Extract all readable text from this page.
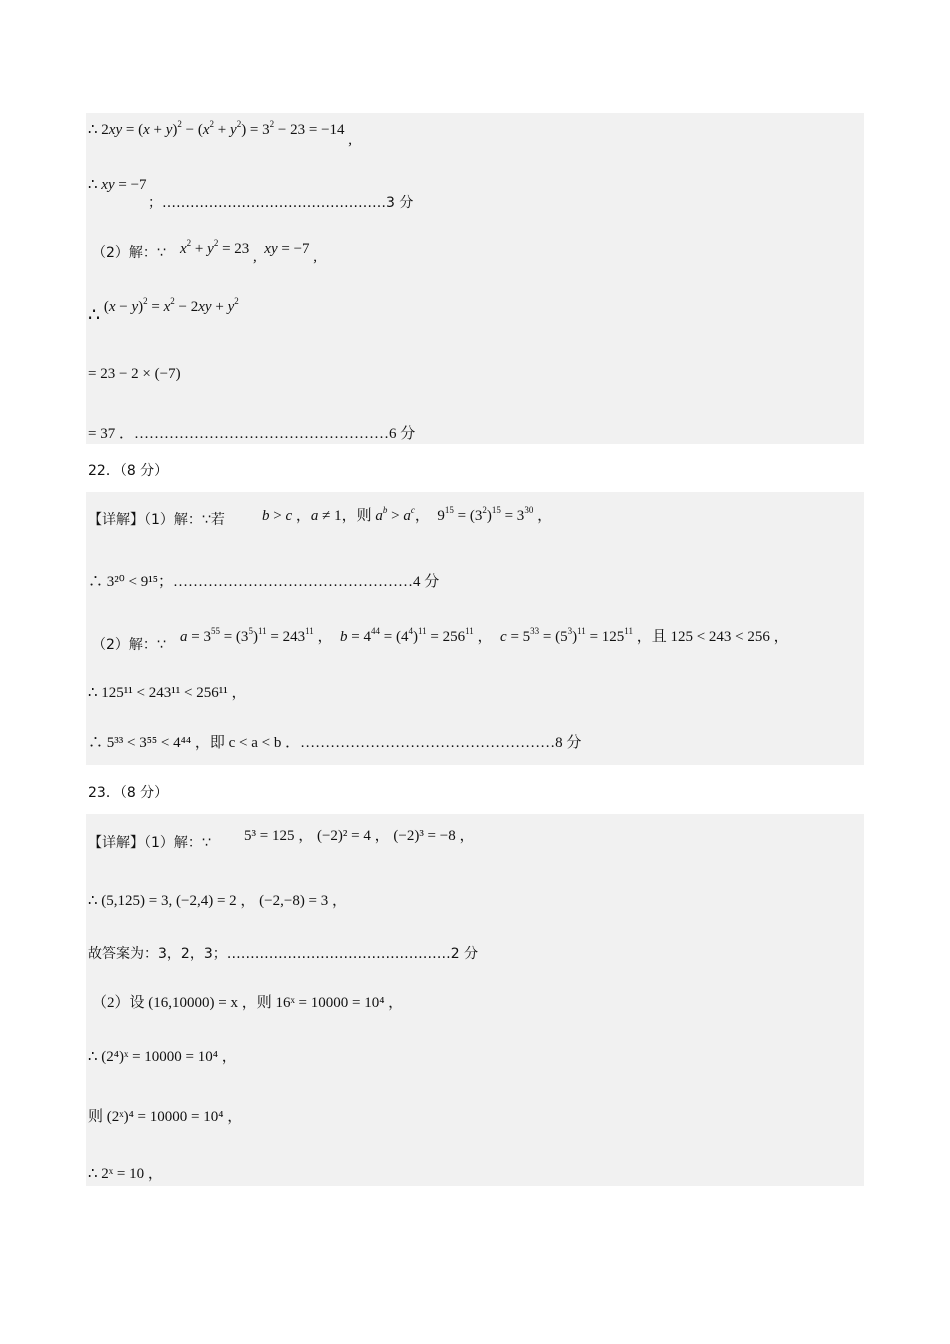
∴ $2xy = (x + y)^2 - (x^2 + y^2) = 3^2 - 23 = -14$ ,
∴ xy = −7
；…………………………………………3 分
（2）解：∵ $x^2 + y^2 = 23$ , xy = −7 ,
∴ $(x - y)^2 = x^2 - 2xy + y^2$
= 23 − 2 × (−7)
= 37 ．……………………………………………6 分
22．（8 分）
【详解】（1）解：∵若 b > c ，a ≠ 1，则 $a^b > a^c$，  $9^{15} = (3^2)^{15} = 3^{30}$ ，
∴ 3²⁰ < 9¹⁵；…………………………………………4 分
（2）解：∵ $a = 3^{55} = (3^5)^{11} = 243^{11}$ ，  $b = 4^{44} = (4^4)^{11} = 256^{11}$ ，  $c = 5^{33} = (5^3)^{11} = 125^{11}$ ，且 125 < 243 < 256 ，
∴ 125¹¹ < 243¹¹ < 256¹¹ ，
∴ 5³³ < 3⁵⁵ < 4⁴⁴ ，即 c < a < b ．……………………………………………8 分
23．（8 分）
【详解】（1）解：∵ 5³ = 125 ， (−2)² = 4 ， (−2)³ = −8 ，
∴ (5,125) = 3, (−2,4) = 2 ， (−2,−8) = 3 ，
故答案为：3，2，3；…………………………………………2 分
（2）设 (16,10000) = x ，则 16ˣ = 10000 = 10⁴ ，
∴ (2⁴)ˣ = 10000 = 10⁴ ，
则 (2ˣ)⁴ = 10000 = 10⁴ ，
∴ 2ˣ = 10 ，
